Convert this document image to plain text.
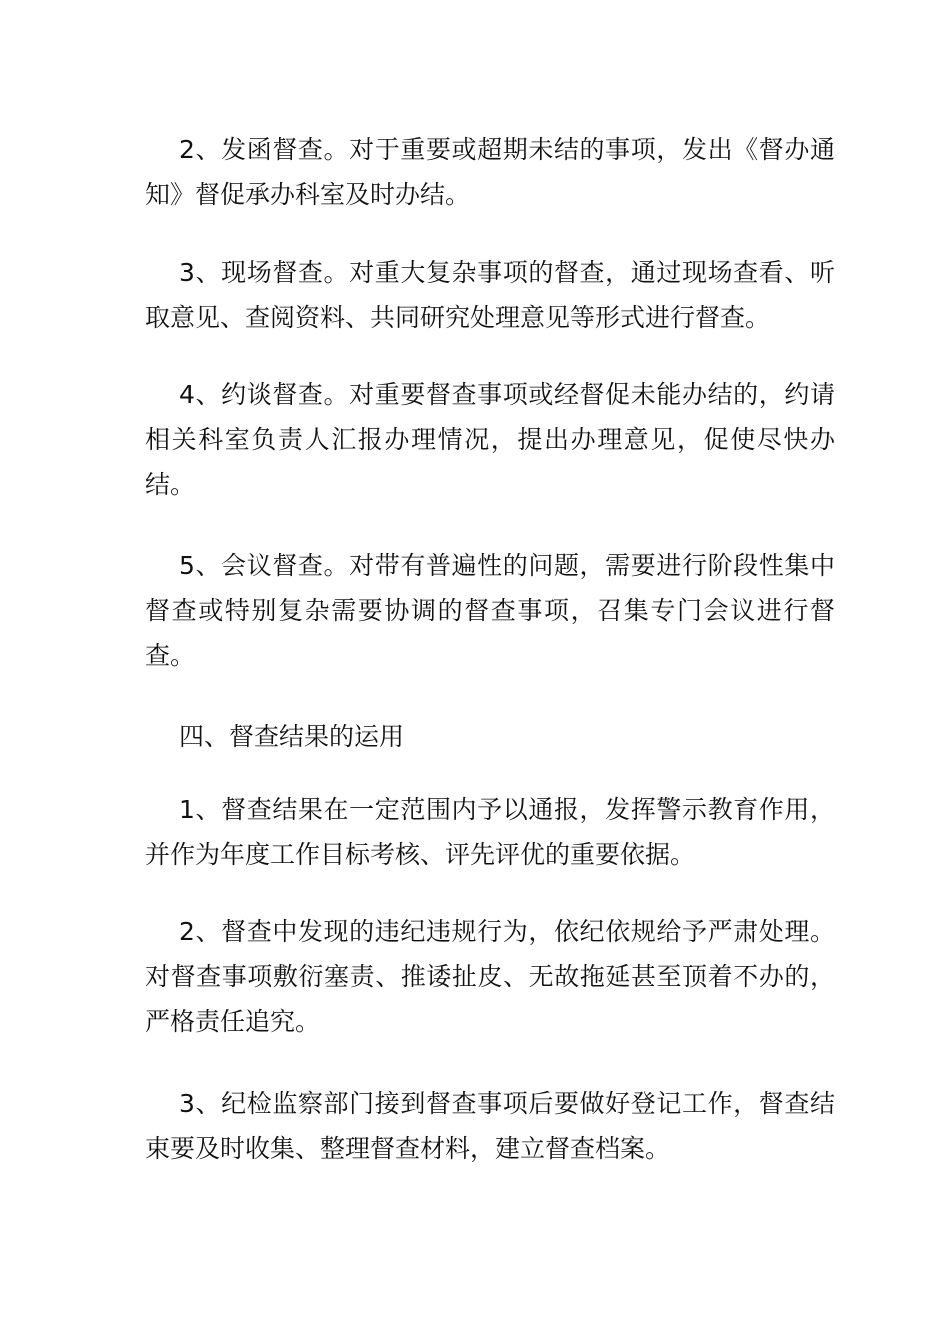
2、发函督查。对于重要或超期未结的事项，发出《督办通知》督促承办科室及时办结。

3、现场督查。对重大复杂事项的督查，通过现场查看、听取意见、查阅资料、共同研究处理意见等形式进行督查。

4、约谈督查。对重要督查事项或经督促未能办结的，约请相关科室负责人汇报办理情况，提出办理意见，促使尽快办结。

5、会议督查。对带有普遍性的问题，需要进行阶段性集中督查或特别复杂需要协调的督查事项，召集专门会议进行督查。

四、督查结果的运用

1、督查结果在一定范围内予以通报，发挥警示教育作用，并作为年度工作目标考核、评先评优的重要依据。

2、督查中发现的违纪违规行为，依纪依规给予严肃处理。对督查事项敷衍塞责、推诿扯皮、无故拖延甚至顶着不办的，严格责任追究。

3、纪检监察部门接到督查事项后要做好登记工作，督查结束要及时收集、整理督查材料，建立督查档案。
